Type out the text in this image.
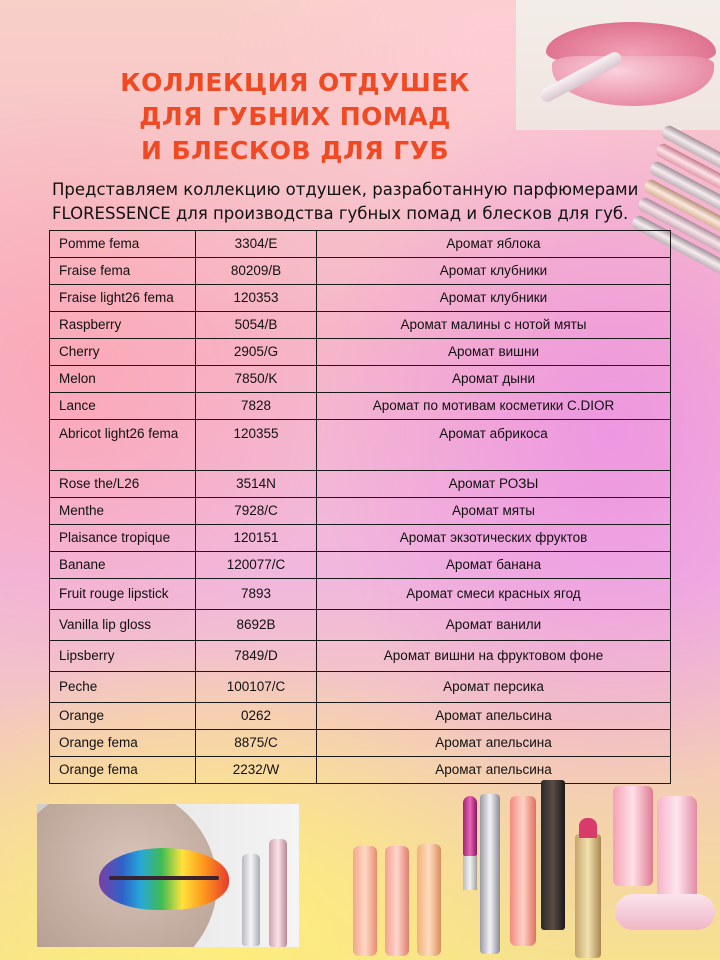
КОЛЛЕКЦИЯ ОТДУШЕК
ДЛЯ ГУБНИХ ПОМАД
И БЛЕСКОВ ДЛЯ ГУБ
Представляем коллекцию отдушек, разработанную парфюмерами
FLORESSENCE для производства губных помад и блесков для губ.
Pomme fema	3304/E	Аромат яблока
Fraise fema	80209/B	Аромат клубники
Fraise light26 fema	120353	Аромат клубники
Raspberry	5054/B	Аромат малины с нотой мяты
Cherry	2905/G	Аромат вишни
Melon	7850/K	Аромат дыни
Lance	7828	Аромат по мотивам косметики C.DIOR
Abricot light26 fema	120355	Аромат абрикоса
Rose the/L26	3514N	Аромат РОЗЫ
Menthe	7928/C	Аромат мяты
Plaisance tropique	120151	Аромат экзотических фруктов
Banane	120077/C	Аромат банана
Fruit rouge lipstick	7893	Аромат смеси красных ягод
Vanilla lip gloss	8692B	Аромат ванили
Lipsberry	7849/D	Аромат вишни на фруктовом фоне
Peche	100107/C	Аромат персика
Orange	0262	Аромат апельсина
Orange fema	8875/C	Аромат апельсина
Orange fema	2232/W	Аромат апельсина
